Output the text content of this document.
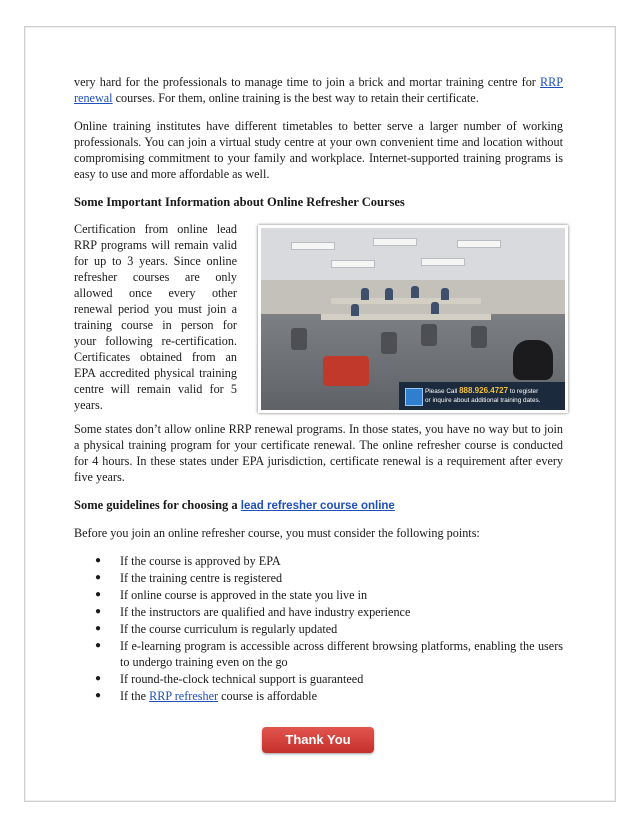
very hard for the professionals to manage time to join a brick and mortar training centre for RRP renewal courses. For them, online training is the best way to retain their certificate.

Online training institutes have different timetables to better serve a larger number of working professionals. You can join a virtual study centre at your own convenient time and location without compromising commitment to your family and workplace. Internet-supported training programs is easy to use and more affordable as well.

Some Important Information about Online Refresher Courses
Certification from online lead RRP programs will remain valid for up to 3 years. Since online refresher courses are only allowed once every other renewal period you must join a training course in person for your following re-certification. Certificates obtained from an EPA accredited physical training centre will remain valid for 5 years.
Please Call 888.926.4727 to register
or inquire about additional training dates.

Some states don’t allow online RRP renewal programs. In those states, you have no way but to join a physical training program for your certificate renewal. The online refresher course is conducted for 4 hours. In these states under EPA jurisdiction, certificate renewal is a requirement after every five years.

Some guidelines for choosing a lead refresher course online

Before you join an online refresher course, you must consider the following points:

● If the course is approved by EPA
● If the training centre is registered
● If online course is approved in the state you live in
● If the instructors are qualified and have industry experience
● If the course curriculum is regularly updated
● If e-learning program is accessible across different browsing platforms, enabling the users to undergo training even on the go
● If round-the-clock technical support is guaranteed
● If the RRP refresher course is affordable
Thank You
